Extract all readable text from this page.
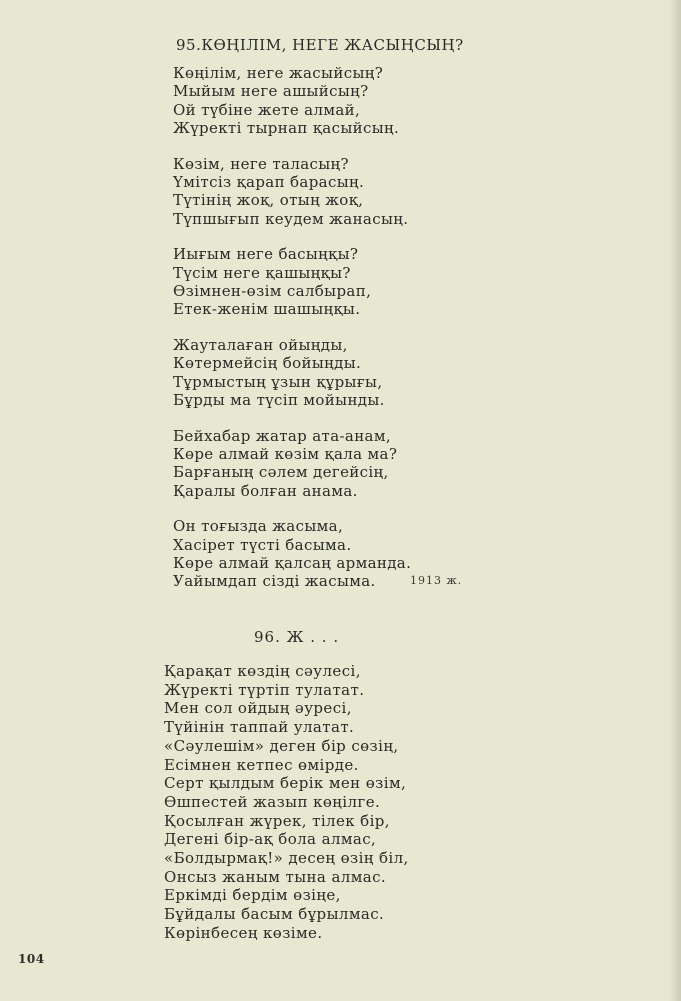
95.КӨҢІЛІМ, НЕГЕ ЖАСЫҢСЫҢ?
Көңілім, неге жасыйсың?
Мыйым неге ашыйсың?
Ой түбіне жете алмай,
Жүректі тырнап қасыйсың.
Көзім, неге таласың?
Үмітсіз қарап барасың.
Түтінің жоқ, отың жоқ,
Түпшығып кеудем жанасың.
Иығым неге басыңқы?
Түсім неге қашыңқы?
Өзімнен-өзім салбырап,
Етек-женім шашыңқы.
Жауталаған ойыңды,
Көтермейсің бойыңды.
Тұрмыстың ұзын құрығы,
Бұрды ма түсіп мойынды.
Бейхабар жатар ата-анам,
Көре алмай көзім қала ма?
Барғаның сәлем дегейсің,
Қаралы болған анама.
Он тоғызда жасыма,
Хасірет түсті басыма.
Көре алмай қалсаң арманда.
Уайымдап сізді жасыма.	1913 ж.
96. Ж . . .
Қарақат көздің сәулесі,
Жүректі түртіп тулатат.
Мен сол ойдың әуресі,
Түйінін таппай улатат.
«Сәулешім» деген бір сөзің,
Есімнен кетпес өмірде.
Серт қылдым берік мен өзім,
Өшпестей жазып көңілге.
Қосылған жүрек, тілек бір,
Дегені бір-ақ бола алмас,
«Болдырмақ!» десең өзің біл,
Онсыз жаным тына алмас.
Еркімді бердім өзіңе,
Бұйдалы басым бұрылмас.
Көрінбесең көзіме.
104
